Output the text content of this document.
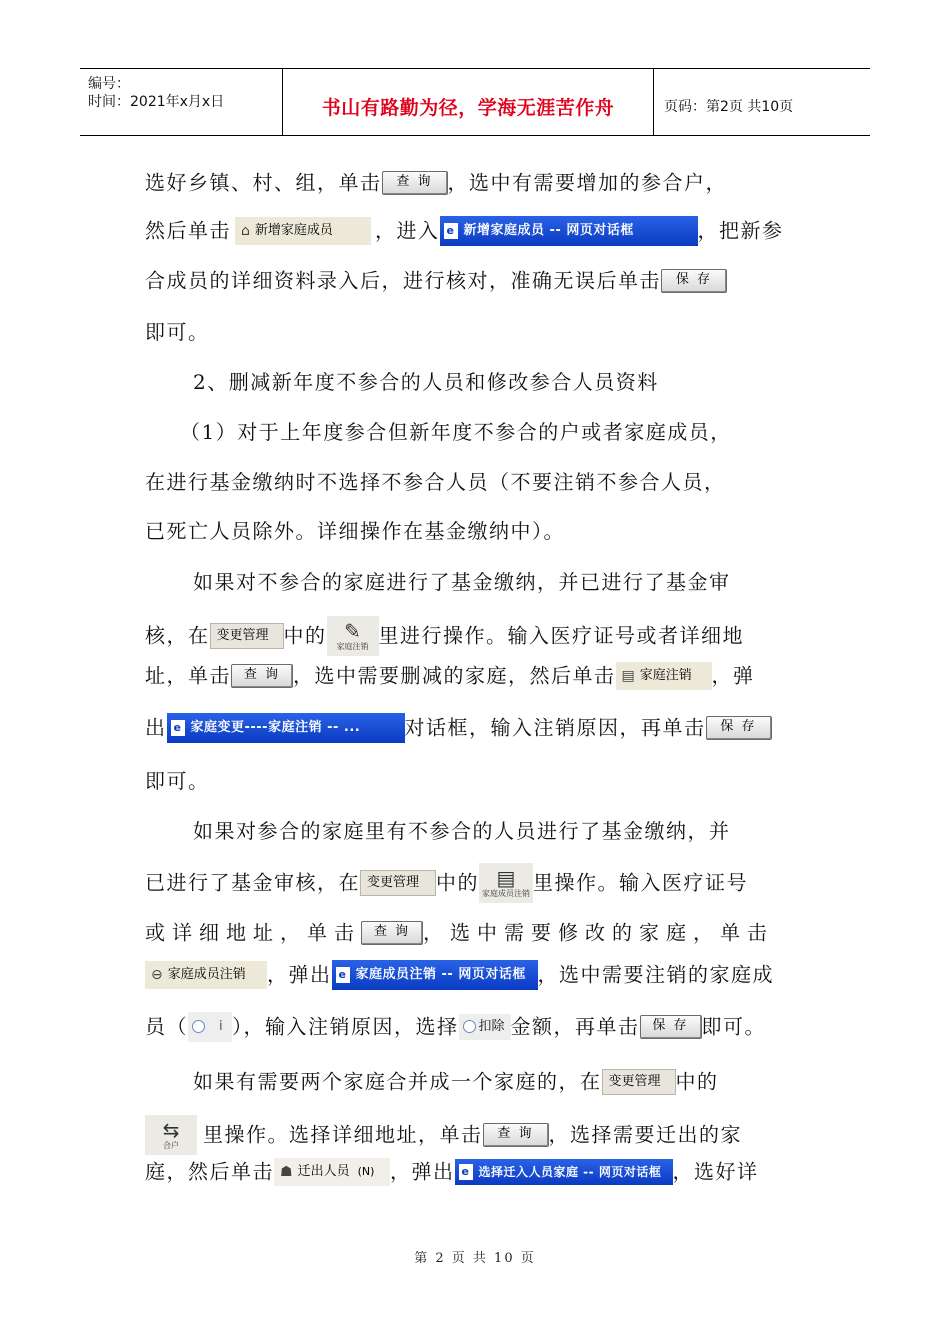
编号：
时间：2021年x月x日	书山有路勤为径，学海无涯苦作舟	页码：第2页 共10页
选好乡镇、村、组，单击 查 询 ，选中有需要增加的参合户，
然后单击 ⌂ 新增家庭成员 ，进入 e 新增家庭成员 -- 网页对话框	，把新参
合成员的详细资料录入后，进行核对，准确无误后单击 保 存
即可。
2、删减新年度不参合的人员和修改参合人员资料
（1）对于上年度参合但新年度不参合的户或者家庭成员，
在进行基金缴纳时不选择不参合人员（不要注销不参合人员，
已死亡人员除外。详细操作在基金缴纳中）。
如果对不参合的家庭进行了基金缴纳，并已进行了基金审
核，在 变更管理 中的 ✎
家庭注销 里进行操作。输入医疗证号或者详细地
址，单击 查 询 ，选中需要删减的家庭，然后单击 ▤ 家庭注销 ，弹
出 e 家庭变更----家庭注销 -- ... 对话框，输入注销原因，再单击 保 存
即可。
如果对参合的家庭里有不参合的人员进行了基金缴纳，并
已进行了基金审核，在 变更管理 中的 ▤
家庭成员注销 里操作。输入医疗证号
或详细地址，单击 查 询 ，选中需要修改的家庭，单击
⊖ 家庭成员注销 ，弹出 e 家庭成员注销 -- 网页对话框 ，选中需要注销的家庭成
员（ i ），输入注销原因，选择 扣除 金额，再单击 保 存 即可。
如果有需要两个家庭合并成一个家庭的，在 变更管理 中的
⇆
合户 里操作。选择详细地址，单击 查 询 ，选择需要迁出的家
庭，然后单击 ☗ 迁出人员 (N) ，弹出 e 选择迁入人员家庭 -- 网页对话框 ，选好详
第 2 页 共 10 页
